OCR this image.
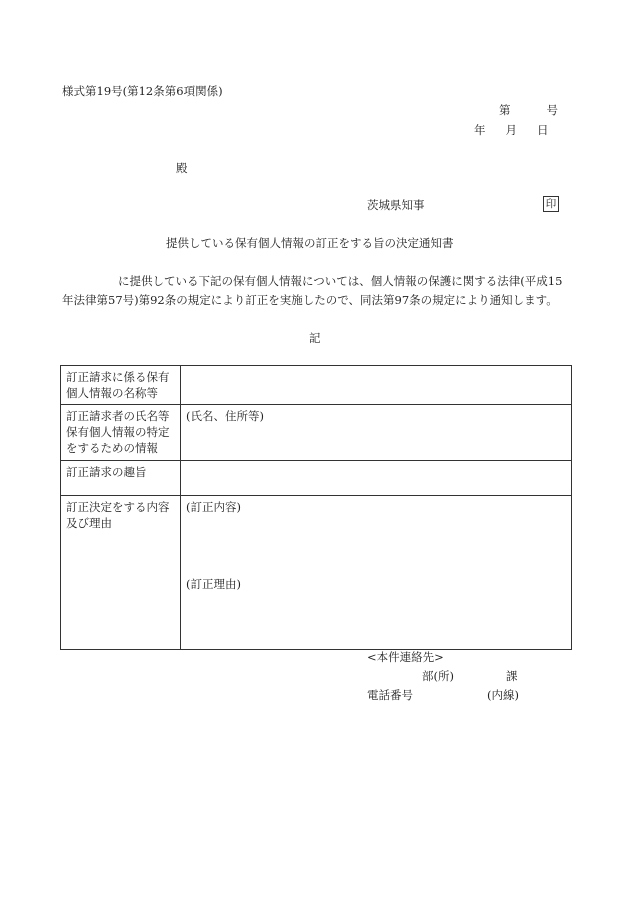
様式第19号(第12条第6項関係)
第	号
年 月 日
殿
茨城県知事	印
提供している保有個人情報の訂正をする旨の決定通知書
に提供している下記の保有個人情報については、個人情報の保護に関する法律(平成15年法律第57号)第92条の規定により訂正を実施したので、同法第97条の規定により通知します。
記
訂正請求に係る保有個人情報の名称等	
訂正請求者の氏名等保有個人情報の特定をするための情報	(氏名、住所等)
訂正請求の趣旨	
訂正決定をする内容及び理由	(訂正内容)
(訂正理由)
<本件連絡先>
部(所)	課
電話番号	(内線)
